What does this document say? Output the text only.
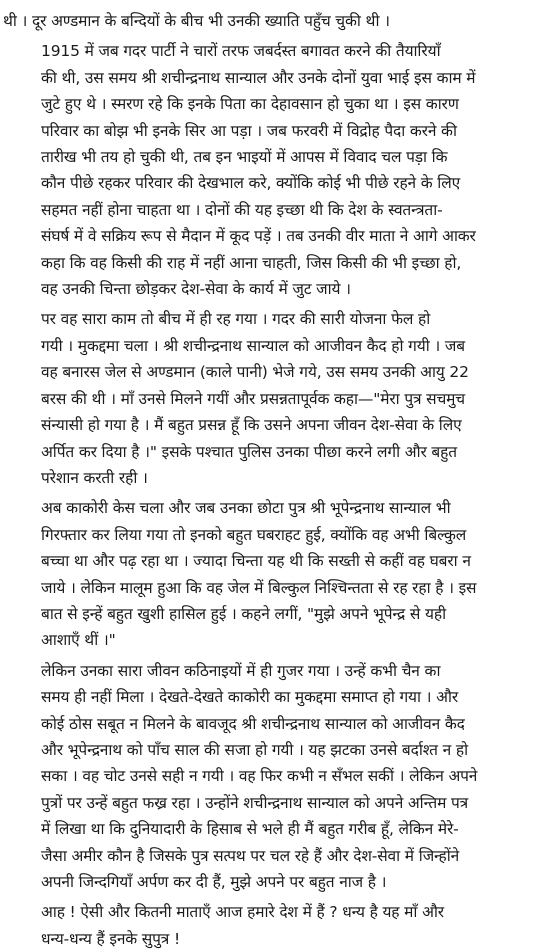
थी । दूर अण्डमान के बन्दियों के बीच भी उनकी ख्याति पहुँच चुकी थी ।

1915 में जब गदर पार्टी ने चारों तरफ जबर्दस्त बगावत करने की तैयारियाँ
की थी, उस समय श्री शचीन्द्रनाथ सान्याल और उनके दोनों युवा भाई इस काम में
जुटे हुए थे । स्मरण रहे कि इनके पिता का देहावसान हो चुका था । इस कारण
परिवार का बोझ भी इनके सिर आ पड़ा । जब फरवरी में विद्रोह पैदा करने की
तारीख भी तय हो चुकी थी, तब इन भाइयों में आपस में विवाद चल पड़ा कि
कौन पीछे रहकर परिवार की देखभाल करे, क्योंकि कोई भी पीछे रहने के लिए
सहमत नहीं होना चाहता था । दोनों की यह इच्छा थी कि देश के स्वतन्त्रता-
संघर्ष में वे सक्रिय रूप से मैदान में कूद पड़ें । तब उनकी वीर माता ने आगे आकर
कहा कि वह किसी की राह में नहीं आना चाहती, जिस किसी की भी इच्छा हो,
वह उनकी चिन्ता छोड़कर देश-सेवा के कार्य में जुट जाये ।

पर वह सारा काम तो बीच में ही रह गया । गदर की सारी योजना फेल हो
गयी । मुकद्दमा चला । श्री शचीन्द्रनाथ सान्याल को आजीवन कैद हो गयी । जब
वह बनारस जेल से अण्डमान (काले पानी) भेजे गये, उस समय उनकी आयु 22
बरस की थी । माँ उनसे मिलने गयीं और प्रसन्नतापूर्वक कहा—"मेरा पुत्र सचमुच
संन्यासी हो गया है । मैं बहुत प्रसन्न हूँ कि उसने अपना जीवन देश-सेवा के लिए
अर्पित कर दिया है ।" इसके पश्चात पुलिस उनका पीछा करने लगी और बहुत
परेशान करती रही ।

अब काकोरी केस चला और जब उनका छोटा पुत्र श्री भूपेन्द्रनाथ सान्याल भी
गिरफ्तार कर लिया गया तो इनको बहुत घबराहट हुई, क्योंकि वह अभी बिल्कुल
बच्चा था और पढ़ रहा था । ज्यादा चिन्ता यह थी कि सख्ती से कहीं वह घबरा न
जाये । लेकिन मालूम हुआ कि वह जेल में बिल्कुल निश्चिन्तता से रह रहा है । इस
बात से इन्हें बहुत खुशी हासिल हुई । कहने लगीं, "मुझे अपने भूपेन्द्र से यही
आशाएँ थीं ।"

लेकिन उनका सारा जीवन कठिनाइयों में ही गुजर गया । उन्हें कभी चैन का
समय ही नहीं मिला । देखते-देखते काकोरी का मुकद्दमा समाप्त हो गया । और
कोई ठोस सबूत न मिलने के बावजूद श्री शचीन्द्रनाथ सान्याल को आजीवन कैद
और भूपेन्द्रनाथ को पाँच साल की सजा हो गयी । यह झटका उनसे बर्दाश्त न हो
सका । वह चोट उनसे सही न गयी । वह फिर कभी न सँभल सकीं । लेकिन अपने
पुत्रों पर उन्हें बहुत फख्र रहा । उन्होंने शचीन्द्रनाथ सान्याल को अपने अन्तिम पत्र
में लिखा था कि दुनियादारी के हिसाब से भले ही मैं बहुत गरीब हूँ, लेकिन मेरे-
जैसा अमीर कौन है जिसके पुत्र सत्पथ पर चल रहे हैं और देश-सेवा में जिन्होंने
अपनी जिन्दगियाँ अर्पण कर दी हैं, मुझे अपने पर बहुत नाज है ।

आह ! ऐसी और कितनी माताएँ आज हमारे देश में हैं ? धन्य है यह माँ और
धन्य-धन्य हैं इनके सुपुत्र !
